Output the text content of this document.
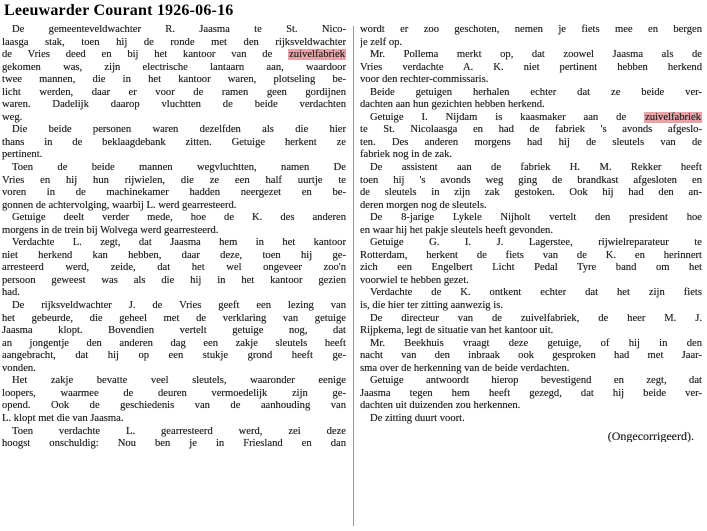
Leeuwarder Courant 1926-06-16
De gemeenteveldwachter R. Jaasma te St. Nico-
laasga stak, toen hij de ronde met den rijksveldwachter
de Vries deed en bij het kantoor van de zuivelfabriek
gekomen was, zijn electrische lantaarn aan, waardoor
twee mannen, die in het kantoor waren, plotseling be-
licht werden, daar er voor de ramen geen gordijnen
waren. Dadelijk daarop vluchtten de beide verdachten
weg.
Die beide personen waren dezelfden als die hier
thans in de beklaagdebank zitten. Getuige herkent ze
pertinent.
Toen de beide mannen wegvluchtten, namen De
Vries en hij hun rijwielen, die ze een half uurtje te
voren in de machinekamer hadden neergezet en be-
gonnen de achtervolging, waarbij L. werd gearresteerd.
Getuige deelt verder mede, hoe de K. des anderen
morgens in de trein bij Wolvega werd gearresteerd.
Verdachte L. zegt, dat Jaasma hem in het kantoor
niet herkend kan hebben, daar deze, toen hij ge-
arresteerd werd, zeide, dat het wel ongeveer zoo'n
persoon geweest was als die hij in het kantoor gezien
had.
De rijksveldwachter J. de Vries geeft een lezing van
het gebeurde, die geheel met de verklaring van getuige
Jaasma klopt. Bovendien vertelt getuige nog, dat
an jongentje den anderen dag een zakje sleutels heeft
aangebracht, dat hij op een stukje grond heeft ge-
vonden.
Het zakje bevatte veel sleutels, waaronder eenige
loopers, waarmee de deuren vermoedelijk zijn ge-
opend. Ook de geschiedenis van de aanhouding van
L. klopt met die van Jaasma.
Toen verdachte L. gearresteerd werd, zei deze
hoogst onschuldig: Nou ben je in Friesland en dan
wordt er zoo geschoten, nemen je fiets mee en bergen
je zelf op.
Mr. Pollema merkt op, dat zoowel Jaasma als de
Vries verdachte A. K. niet pertinent hebben herkend
voor den rechter-commissaris.
Beide getuigen herhalen echter dat ze beide ver-
dachten aan hun gezichten hebben herkend.
Getuige I. Nijdam is kaasmaker aan de zuivelfabriek
te St. Nicolaasga en had de fabriek 's avonds afgeslo-
ten. Des anderen morgens had hij de sleutels van de
fabriek nog in de zak.
De assistent aan de fabriek H. M. Rekker heeft
toen hij 's avonds weg ging de brandkast afgesloten en
de sleutels in zijn zak gestoken. Ook hij had den an-
deren morgen nog de sleutels.
De 8-jarige Lykele Nijholt vertelt den president hoe
en waar hij het pakje sleutels heeft gevonden.
Getuige G. I. J. Lagerstee, rijwielreparateur te
Rotterdam, herkent de fiets van de K. en herinnert
zich een Engelbert Licht Pedal Tyre band om het
voorwiel te hebben gezet.
Verdachte de K. ontkent echter dat het zijn fiets
is, die hier ter zitting aanwezig is.
De directeur van de zuivelfabriek, de heer M. J.
Rijpkema, legt de situatie van het kantoor uit.
Mr. Beekhuis vraagt deze getuige, of hij in den
nacht van den inbraak ook gesproken had met Jaar-
sma over de herkenning van de beide verdachten.
Getuige antwoordt hierop bevestigend en zegt, dat
Jaasma tegen hem heeft gezegd, dat hij beide ver-
dachten uit duizenden zou herkennen.
De zitting duurt voort.
(Ongecorrigeerd).
